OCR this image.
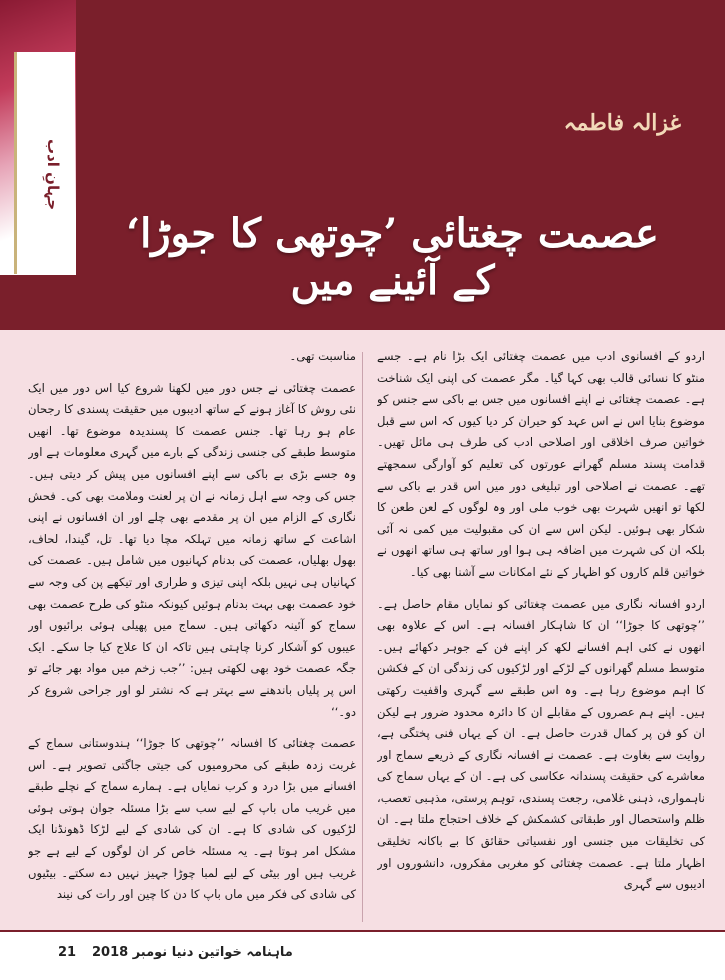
جہانِ ادب
غزالہ فاطمہ
عصمت چغتائی ’چوتھی کا جوڑا‘ کے آئینے میں

اردو کے افسانوی ادب میں عصمت چغتائی ایک بڑا نام ہے۔ جسے منٹو کا نسائی قالب بھی کہا گیا۔ مگر عصمت کی اپنی ایک شناخت ہے۔ عصمت چغتائی نے اپنے افسانوں میں جس بے باکی سے جنس کو موضوع بنایا اس نے اس عہد کو حیران کر دیا کیوں کہ اس سے قبل خواتین صرف اخلاقی اور اصلاحی ادب کی طرف ہی مائل تھیں۔ قدامت پسند مسلم گھرانے عورتوں کی تعلیم کو آوارگی سمجھتے تھے۔ عصمت نے اصلاحی اور تبلیغی دور میں اس قدر بے باکی سے لکھا تو انھیں شہرت بھی خوب ملی اور وہ لوگوں کے لعن طعن کا شکار بھی ہوئیں۔ لیکن اس سے ان کی مقبولیت میں کمی نہ آئی بلکہ ان کی شہرت میں اضافہ ہی ہوا اور ساتھ ہی ساتھ انھوں نے خواتین قلم کاروں کو اظہار کے نئے امکانات سے آشنا بھی کیا۔

اردو افسانہ نگاری میں عصمت چغتائی کو نمایاں مقام حاصل ہے۔ ’’چوتھی کا جوڑا‘‘ ان کا شاہکار افسانہ ہے۔ اس کے علاوہ بھی انھوں نے کئی اہم افسانے لکھ کر اپنے فن کے جوہر دکھائے ہیں۔ متوسط مسلم گھرانوں کے لڑکے اور لڑکیوں کی زندگی ان کے فکشن کا اہم موضوع رہا ہے۔ وہ اس طبقے سے گہری واقفیت رکھتی ہیں۔ اپنے ہم عصروں کے مقابلے ان کا دائرہ محدود ضرور ہے لیکن ان کو فن پر کمال قدرت حاصل ہے۔ ان کے یہاں فنی پختگی ہے، روایت سے بغاوت ہے۔ عصمت نے افسانہ نگاری کے ذریعے سماج اور معاشرے کی حقیقت پسندانہ عکاسی کی ہے۔ ان کے یہاں سماج کی ناہمواری، ذہنی غلامی، رجعت پسندی، توہم پرستی، مذہبی تعصب، ظلم واستحصال اور طبقاتی کشمکش کے خلاف احتجاج ملتا ہے۔ ان کی تخلیقات میں جنسی اور نفسیاتی حقائق کا بے باکانہ تخلیقی اظہار ملتا ہے۔ عصمت چغتائی کو مغربی مفکروں، دانشوروں اور ادیبوں سے گہری

مناسبت تھی۔

عصمت چغتائی نے جس دور میں لکھنا شروع کیا اس دور میں ایک نئی روش کا آغاز ہونے کے ساتھ ادیبوں میں حقیقت پسندی کا رجحان عام ہو رہا تھا۔ جنس عصمت کا پسندیدہ موضوع تھا۔ انھیں متوسط طبقے کی جنسی زندگی کے بارے میں گہری معلومات ہے اور وہ جسے بڑی بے باکی سے اپنے افسانوں میں پیش کر دیتی ہیں۔ جس کی وجہ سے اہل زمانہ نے ان پر لعنت وملامت بھی کی۔ فحش نگاری کے الزام میں ان پر مقدمے بھی چلے اور ان افسانوں نے اپنی اشاعت کے ساتھ زمانہ میں تہلکہ مچا دیا تھا۔ تل، گیندا، لحاف، بھول بھلیاں، عصمت کی بدنام کہانیوں میں شامل ہیں۔ عصمت کی کہانیاں ہی نہیں بلکہ اپنی تیزی و طراری اور تیکھے پن کی وجہ سے خود عصمت بھی بہت بدنام ہوئیں کیونکہ منٹو کی طرح عصمت بھی سماج کو آئینہ دکھاتی ہیں۔ سماج میں پھیلی ہوئی برائیوں اور عیبوں کو آشکار کرنا چاہتی ہیں تاکہ ان کا علاج کیا جا سکے۔ ایک جگہ عصمت خود بھی لکھتی ہیں: ’’جب زخم میں مواد بھر جائے تو اس پر پلیاں باندھنے سے بہتر ہے کہ نشتر لو اور جراحی شروع کر دو۔‘‘

عصمت چغتائی کا افسانہ ’’چوتھی کا جوڑا‘‘ ہندوستانی سماج کے غربت زدہ طبقے کی محرومیوں کی جیتی جاگتی تصویر ہے۔ اس افسانے میں بڑا درد و کرب نمایاں ہے۔ ہمارے سماج کے نچلے طبقے میں غریب ماں باپ کے لیے سب سے بڑا مسئلہ جوان ہوتی ہوئی لڑکیوں کی شادی کا ہے۔ ان کی شادی کے لیے لڑکا ڈھونڈنا ایک مشکل امر ہوتا ہے۔ یہ مسئلہ خاص کر ان لوگوں کے لیے ہے جو غریب ہیں اور بیٹی کے لیے لمبا چوڑا جہیز نہیں دے سکتے۔ بیٹیوں کی شادی کی فکر میں ماں باپ کا دن کا چین اور رات کی نیند

ماہنامہ خواتین دنیا نومبر 2018
21
